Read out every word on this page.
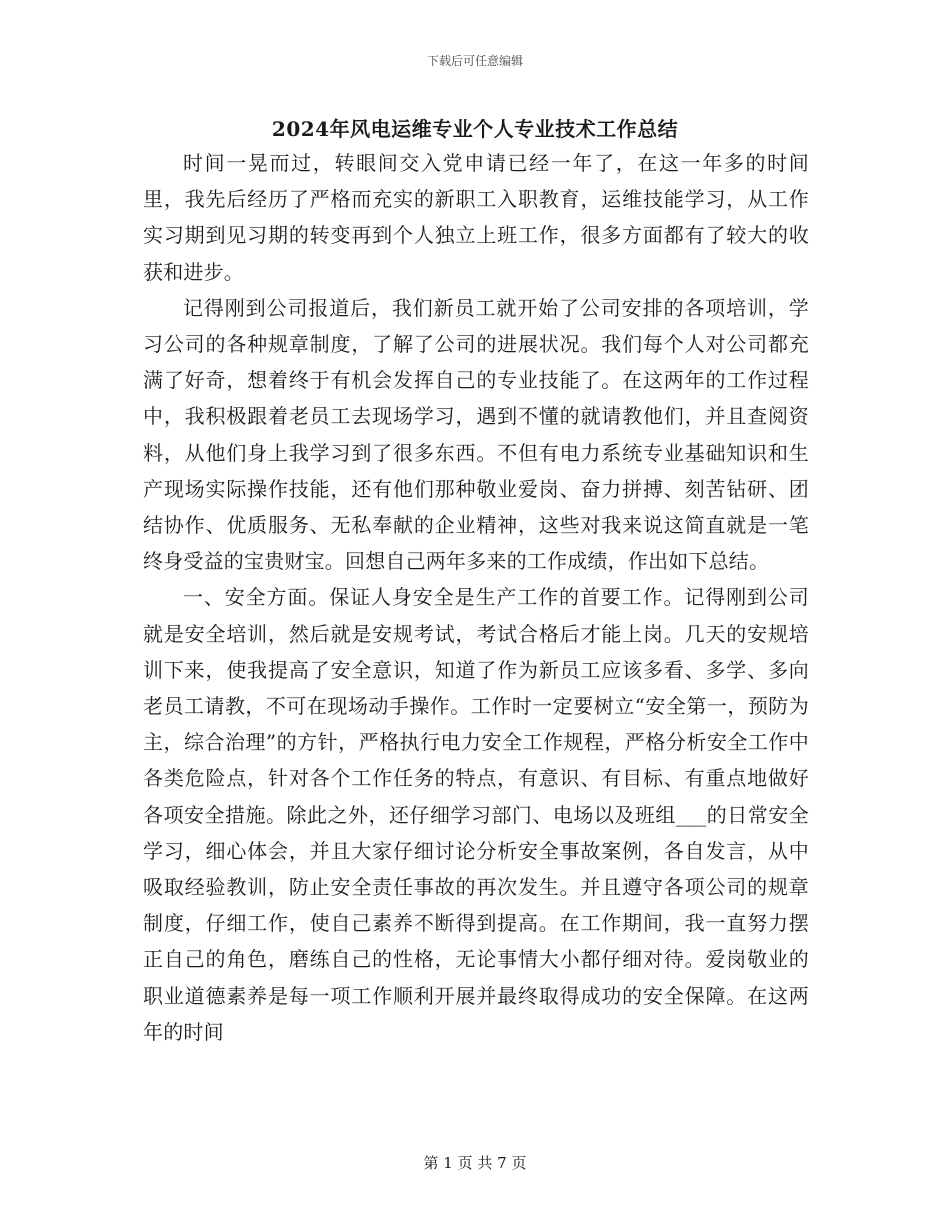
下载后可任意编辑
2024年风电运维专业个人专业技术工作总结

时间一晃而过，转眼间交入党申请已经一年了，在这一年多的时间里，我先后经历了严格而充实的新职工入职教育，运维技能学习，从工作实习期到见习期的转变再到个人独立上班工作，很多方面都有了较大的收获和进步。

记得刚到公司报道后，我们新员工就开始了公司安排的各项培训，学习公司的各种规章制度，了解了公司的进展状况。我们每个人对公司都充满了好奇，想着终于有机会发挥自己的专业技能了。在这两年的工作过程中，我积极跟着老员工去现场学习，遇到不懂的就请教他们，并且查阅资料，从他们身上我学习到了很多东西。不但有电力系统专业基础知识和生产现场实际操作技能，还有他们那种敬业爱岗、奋力拼搏、刻苦钻研、团结协作、优质服务、无私奉献的企业精神，这些对我来说这简直就是一笔终身受益的宝贵财宝。回想自己两年多来的工作成绩，作出如下总结。

一、安全方面。保证人身安全是生产工作的首要工作。记得刚到公司就是安全培训，然后就是安规考试，考试合格后才能上岗。几天的安规培训下来，使我提高了安全意识，知道了作为新员工应该多看、多学、多向老员工请教，不可在现场动手操作。工作时一定要树立“安全第一，预防为主，综合治理”的方针，严格执行电力安全工作规程，严格分析安全工作中各类危险点，针对各个工作任务的特点，有意识、有目标、有重点地做好各项安全措施。除此之外，还仔细学习部门、电场以及班组___的日常安全学习，细心体会，并且大家仔细讨论分析安全事故案例，各自发言，从中吸取经验教训，防止安全责任事故的再次发生。并且遵守各项公司的规章制度，仔细工作，使自己素养不断得到提高。在工作期间，我一直努力摆正自己的角色，磨练自己的性格，无论事情大小都仔细对待。爱岗敬业的职业道德素养是每一项工作顺利开展并最终取得成功的安全保障。在这两年的时间

第 1 页 共 7 页
